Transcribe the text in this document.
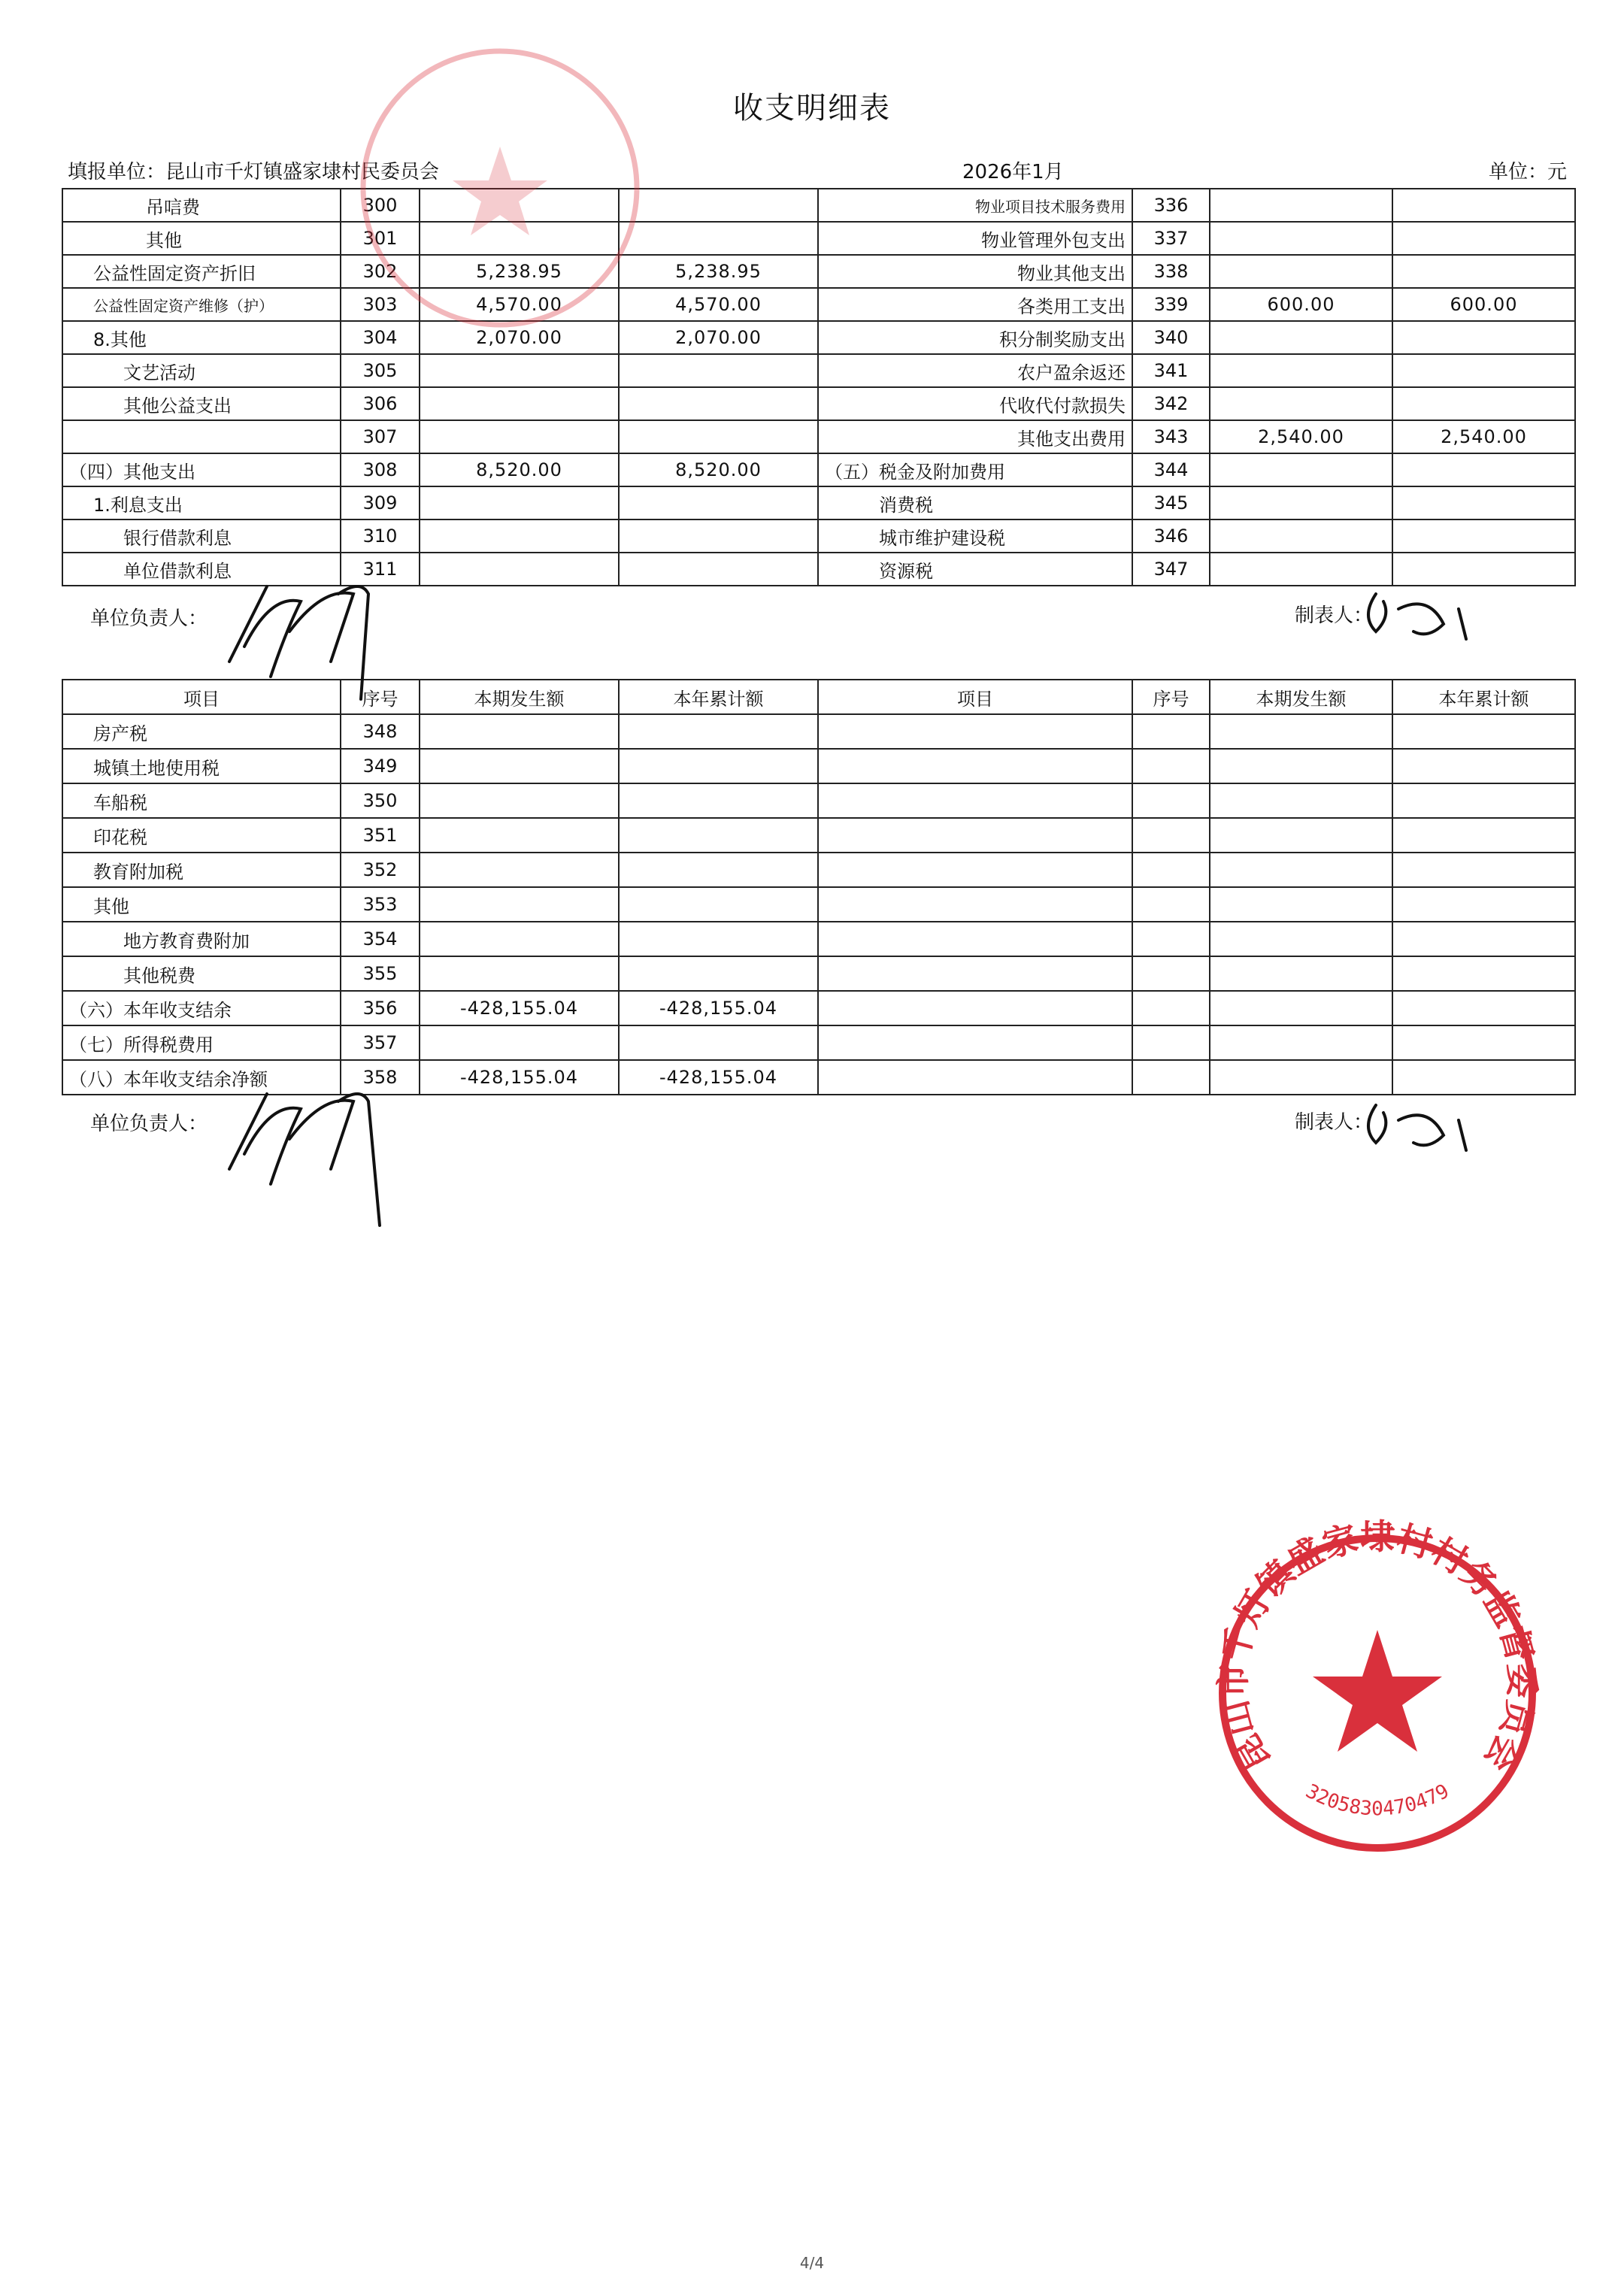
收支明细表
填报单位：昆山市千灯镇盛家埭村民委员会	2026年1月	单位：元
吊唁费	300			物业项目技术服务费用	336		
其他	301			物业管理外包支出	337		
公益性固定资产折旧	302	5,238.95	5,238.95	物业其他支出	338		
公益性固定资产维修（护）	303	4,570.00	4,570.00	各类用工支出	339	600.00	600.00
8.其他	304	2,070.00	2,070.00	积分制奖励支出	340		
文艺活动	305			农户盈余返还	341		
其他公益支出	306			代收代付款损失	342		
	307			其他支出费用	343	2,540.00	2,540.00
（四）其他支出	308	8,520.00	8,520.00	（五）税金及附加费用	344		
1.利息支出	309			消费税	345		
银行借款利息	310			城市维护建设税	346		
单位借款利息	311			资源税	347		
单位负责人：	制表人：
项目	序号	本期发生额	本年累计额	项目	序号	本期发生额	本年累计额
房产税	348						
城镇土地使用税	349						
车船税	350						
印花税	351						
教育附加税	352						
其他	353						
地方教育费附加	354						
其他税费	355						
（六）本年收支结余	356	-428,155.04	-428,155.04				
（七）所得税费用	357						
（八）本年收支结余净额	358	-428,155.04	-428,155.04				
单位负责人：	制表人：
昆山市千灯镇盛家埭村村务监督委员会
3205830470479
4/4
